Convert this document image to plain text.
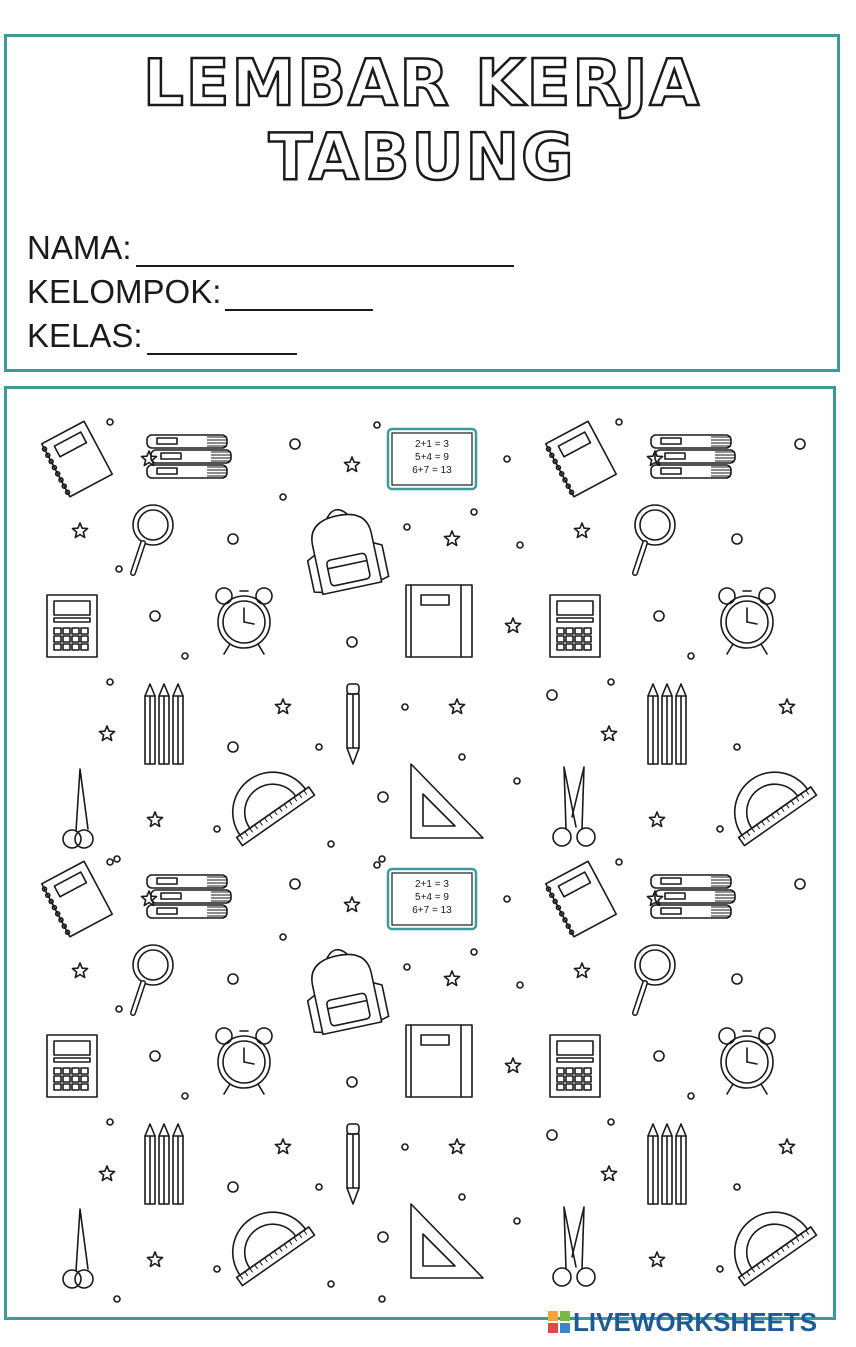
LEMBAR KERJA
TABUNG
NAMA:
KELOMPOK:
KELAS:
2+1 = 3
5+4 = 9
6+7 = 13
2+1 = 3
5+4 = 9
6+7 = 13
LIVEWORKSHEETS
